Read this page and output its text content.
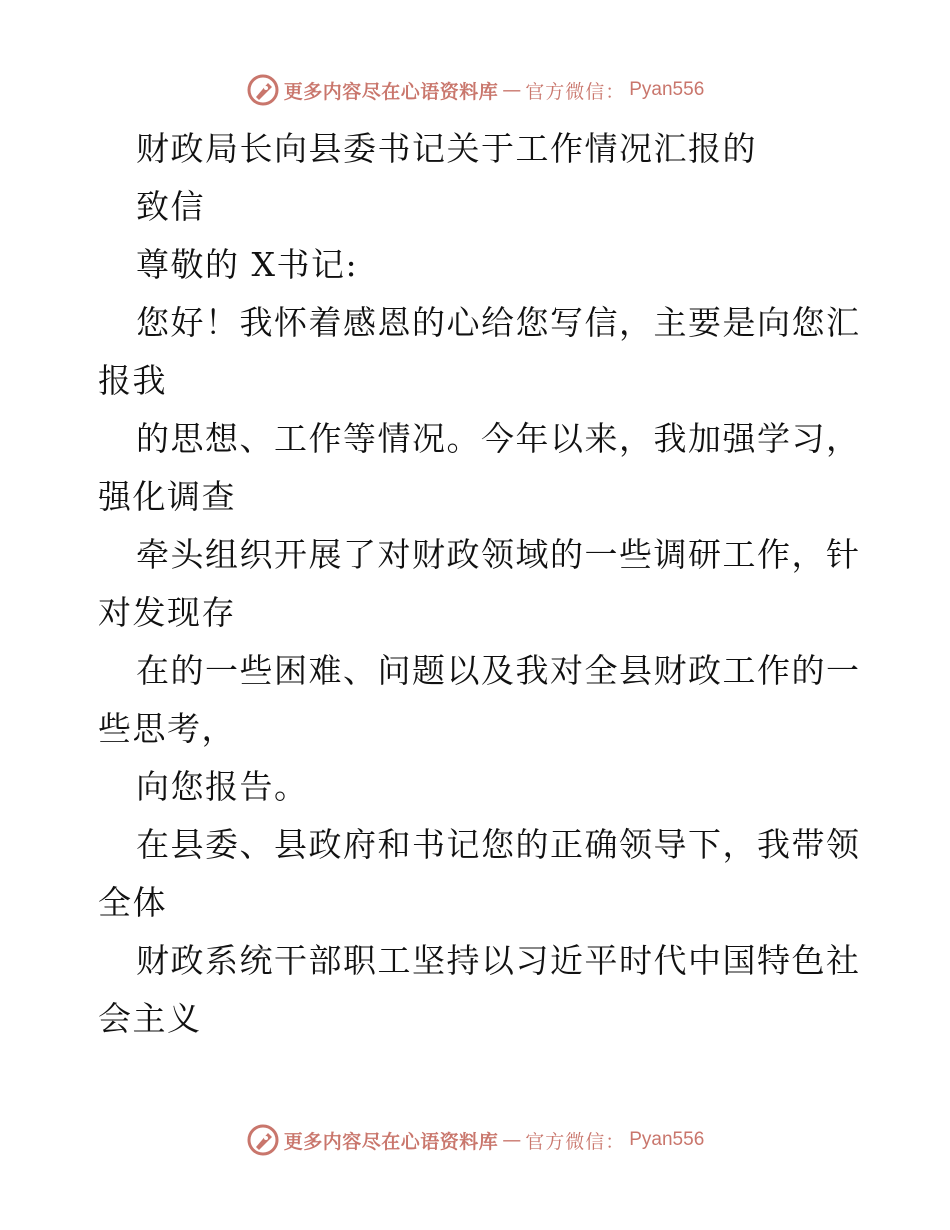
更多内容尽在心语资料库 — 官方微信： Pyan556
财政局长向县委书记关于工作情况汇报的
致信
尊敬的 X书记:
您好！我怀着感恩的心给您写信，主要是向您汇
报我
的思想、工作等情况。今年以来，我加强学习，
强化调查
牵头组织开展了对财政领域的一些调研工作，针
对发现存
在的一些困难、问题以及我对全县财政工作的一
些思考，
向您报告。
在县委、县政府和书记您的正确领导下，我带领
全体
财政系统干部职工坚持以习近平时代中国特色社
会主义
更多内容尽在心语资料库 — 官方微信： Pyan556
